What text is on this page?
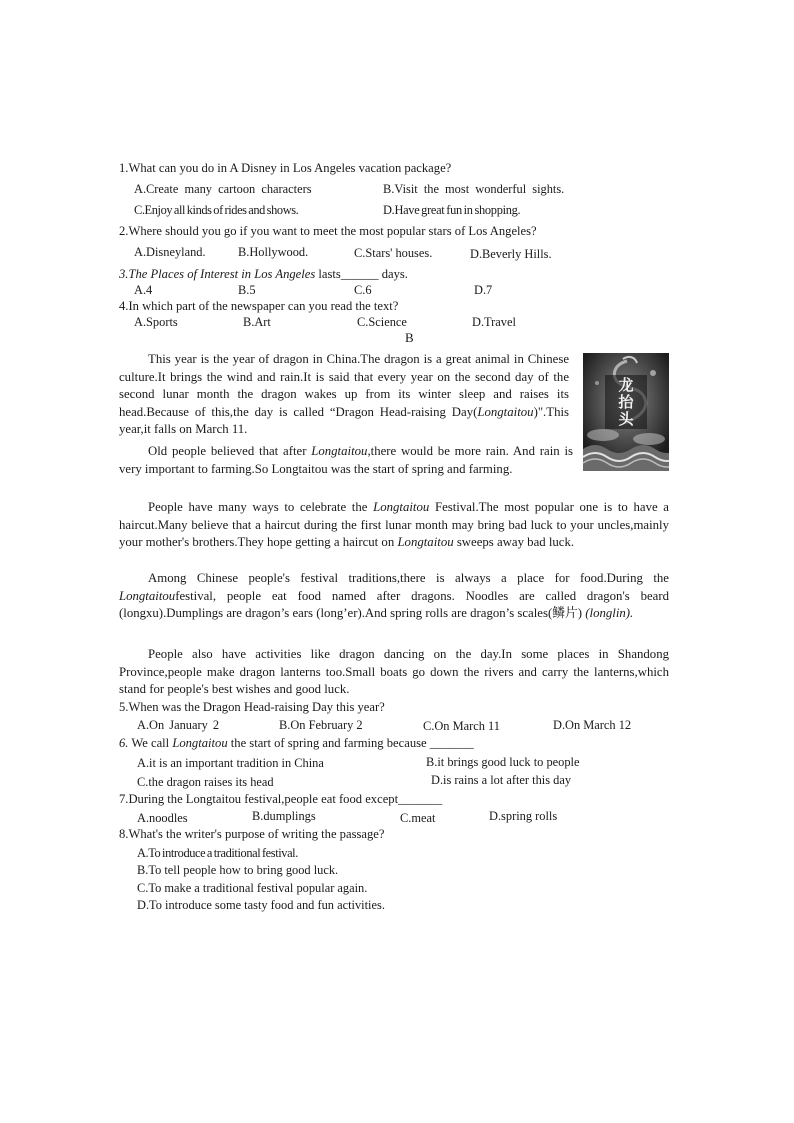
1.What can you do in A Disney in Los Angeles vacation package?
A.Create many cartoon characters	B.Visit the most wonderful sights.
C.Enjoy all kinds of rides and shows.	D.Have great fun in shopping.
2.Where should you go if you want to meet the most popular stars of Los Angeles?
A.Disneyland.	B.Hollywood.	C.Stars' houses.	D.Beverly Hills.
3.The Places of Interest in Los Angeles lasts______ days.
A.4	B.5	C.6	D.7
4.In which part of the newspaper can you read the text?
A.Sports	B.Art	C.Science	D.Travel
B
龙抬头

This year is the year of dragon in China.The dragon is a great animal in Chinese culture.It brings the wind and rain.It is said that every year on the second day of the second lunar month the dragon wakes up from its winter sleep and raises its head.Because of this,the day is called “Dragon Head-raising Day(Longtaitou)".This year,it falls on March 11.

Old people believed that after Longtaitou,there would be more rain. And rain is very important to farming.So Longtaitou was the start of spring and farming.

People have many ways to celebrate the Longtaitou Festival.The most popular one is to have a haircut.Many believe that a haircut during the first lunar month may bring bad luck to your uncles,mainly your mother's brothers.They hope getting a haircut on Longtaitou sweeps away bad luck.

Among Chinese people's festival traditions,there is always a place for food.During the Longtaitoufestival, people eat food named after dragons. Noodles are called dragon's beard (longxu).Dumplings are dragon’s ears (long’er).And spring rolls are dragon’s scales(鳞片) (longlin).

People also have activities like dragon dancing on the day.In some places in Shandong Province,people make dragon lanterns too.Small boats go down the rivers and carry the lanterns,which stand for people's best wishes and good luck.

5.When was the Dragon Head-raising Day this year?
A.On January 2	B.On February 2	C.On March 11	D.On March 12
6. We call Longtaitou the start of spring and farming because _______
A.it is an important tradition in China	B.it brings good luck to people
C.the dragon raises its head	D.is rains a lot after this day
7.During the Longtaitou festival,people eat food except_______
A.noodles	B.dumplings	C.meat	D.spring rolls
8.What's the writer's purpose of writing the passage?
A.To introduce a traditional festival.
B.To tell people how to bring good luck.
C.To make a traditional festival popular again.
D.To introduce some tasty food and fun activities.
